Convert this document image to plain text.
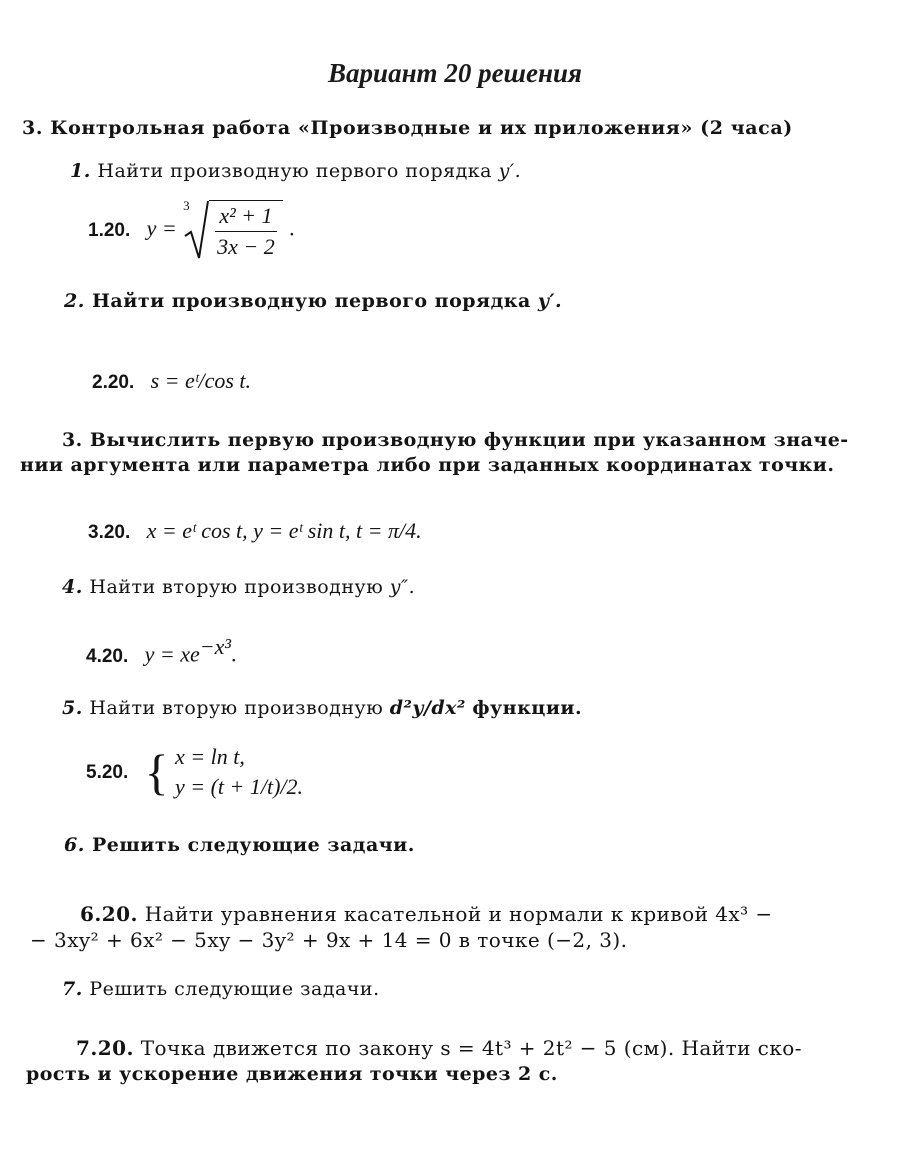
Вариант 20 решения
3. Контрольная работа «Производные и их приложения» (2 часа)
1. Найти производную первого порядка y′.
1.20. y =
$3 \frac{\text{x² + 1}}{3x - 2}$ .
2. Найти производную первого порядка y′.
2.20. s = eᵗ/cos t.
3. Вычислить первую производную функции при указанном значе-
нии аргумента или параметра либо при заданных координатах точки.
3.20. x = eᵗ cos t, y = eᵗ sin t, t = π/4.
4. Найти вторую производную y″.
4.20. $y = xe^{-x^3}$.
5. Найти вторую производную d²y/dx² функции.
5.20. { x = ln t,
y = (t + 1/t)/2.
6. Решить следующие задачи.
6.20. Найти уравнения касательной и нормали к кривой 4x³ −
− 3xy² + 6x² − 5xy − 3y² + 9x + 14 = 0 в точке (−2, 3).
7. Решить следующие задачи.
7.20. Точка движется по закону s = 4t³ + 2t² − 5 (см). Найти ско-
рость и ускорение движения точки через 2 с.
